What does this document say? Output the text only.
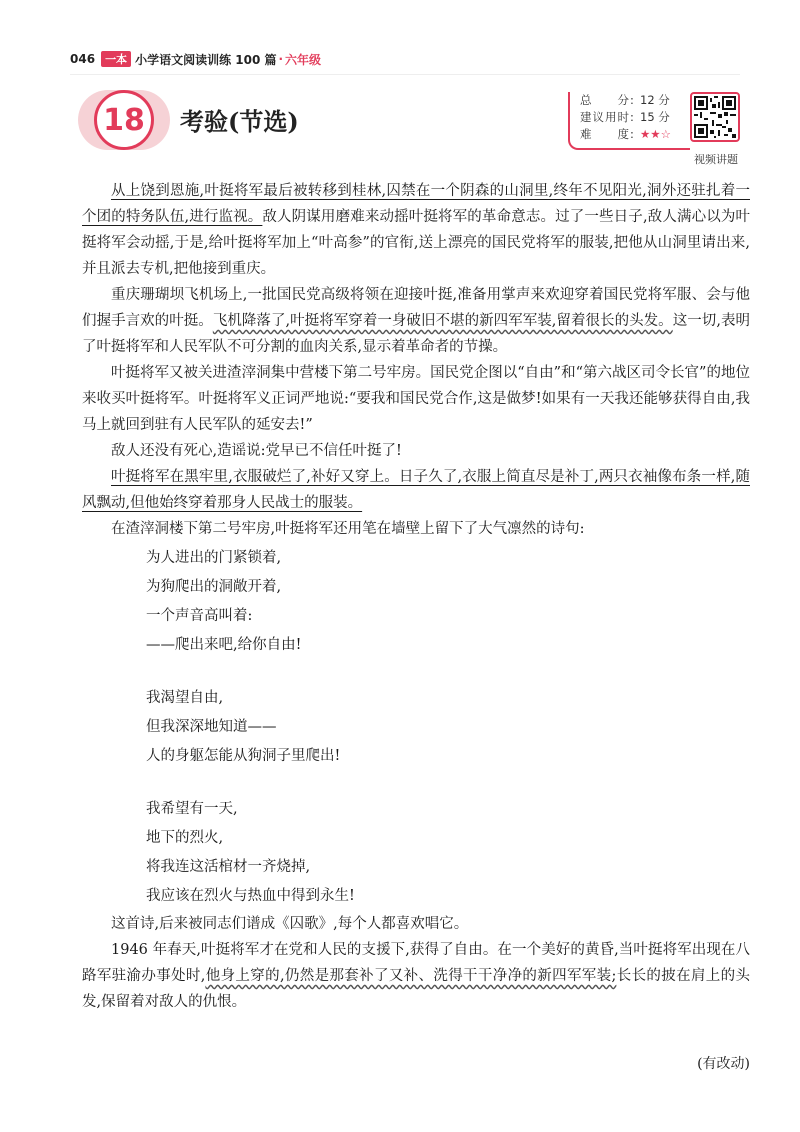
046 一本 小学语文阅读训练 100 篇 · 六年级
18	考验(节选)
总　　分: 12 分
建议用时: 15 分
难　　度: ★★☆
视频讲题

从上饶到恩施,叶挺将军最后被转移到桂林,囚禁在一个阴森的山洞里,终年不见阳光,洞外还驻扎着一个团的特务队伍,进行监视。敌人阴谋用磨难来动摇叶挺将军的革命意志。过了一些日子,敌人满心以为叶挺将军会动摇,于是,给叶挺将军加上“叶高参”的官衔,送上漂亮的国民党将军的服装,把他从山洞里请出来,并且派去专机,把他接到重庆。

重庆珊瑚坝飞机场上,一批国民党高级将领在迎接叶挺,准备用掌声来欢迎穿着国民党将军服、会与他们握手言欢的叶挺。飞机降落了,叶挺将军穿着一身破旧不堪的新四军军装,留着很长的头发。这一切,表明了叶挺将军和人民军队不可分割的血肉关系,显示着革命者的节操。

叶挺将军又被关进渣滓洞集中营楼下第二号牢房。国民党企图以“自由”和“第六战区司令长官”的地位来收买叶挺将军。叶挺将军义正词严地说:“要我和国民党合作,这是做梦!如果有一天我还能够获得自由,我马上就回到驻有人民军队的延安去!”

敌人还没有死心,造谣说:党早已不信任叶挺了!

叶挺将军在黑牢里,衣服破烂了,补好又穿上。日子久了,衣服上简直尽是补丁,两只衣袖像布条一样,随风飘动,但他始终穿着那身人民战士的服装。

在渣滓洞楼下第二号牢房,叶挺将军还用笔在墙壁上留下了大气凛然的诗句:

为人进出的门紧锁着,
为狗爬出的洞敞开着,
一个声音高叫着:
——爬出来吧,给你自由!
我渴望自由,
但我深深地知道——
人的身躯怎能从狗洞子里爬出!
我希望有一天,
地下的烈火,
将我连这活棺材一齐烧掉,
我应该在烈火与热血中得到永生!

这首诗,后来被同志们谱成《囚歌》,每个人都喜欢唱它。

1946 年春天,叶挺将军才在党和人民的支援下,获得了自由。在一个美好的黄昏,当叶挺将军出现在八路军驻渝办事处时,他身上穿的,仍然是那套补了又补、洗得干干净净的新四军军装;长长的披在肩上的头发,保留着对敌人的仇恨。

(有改动)
